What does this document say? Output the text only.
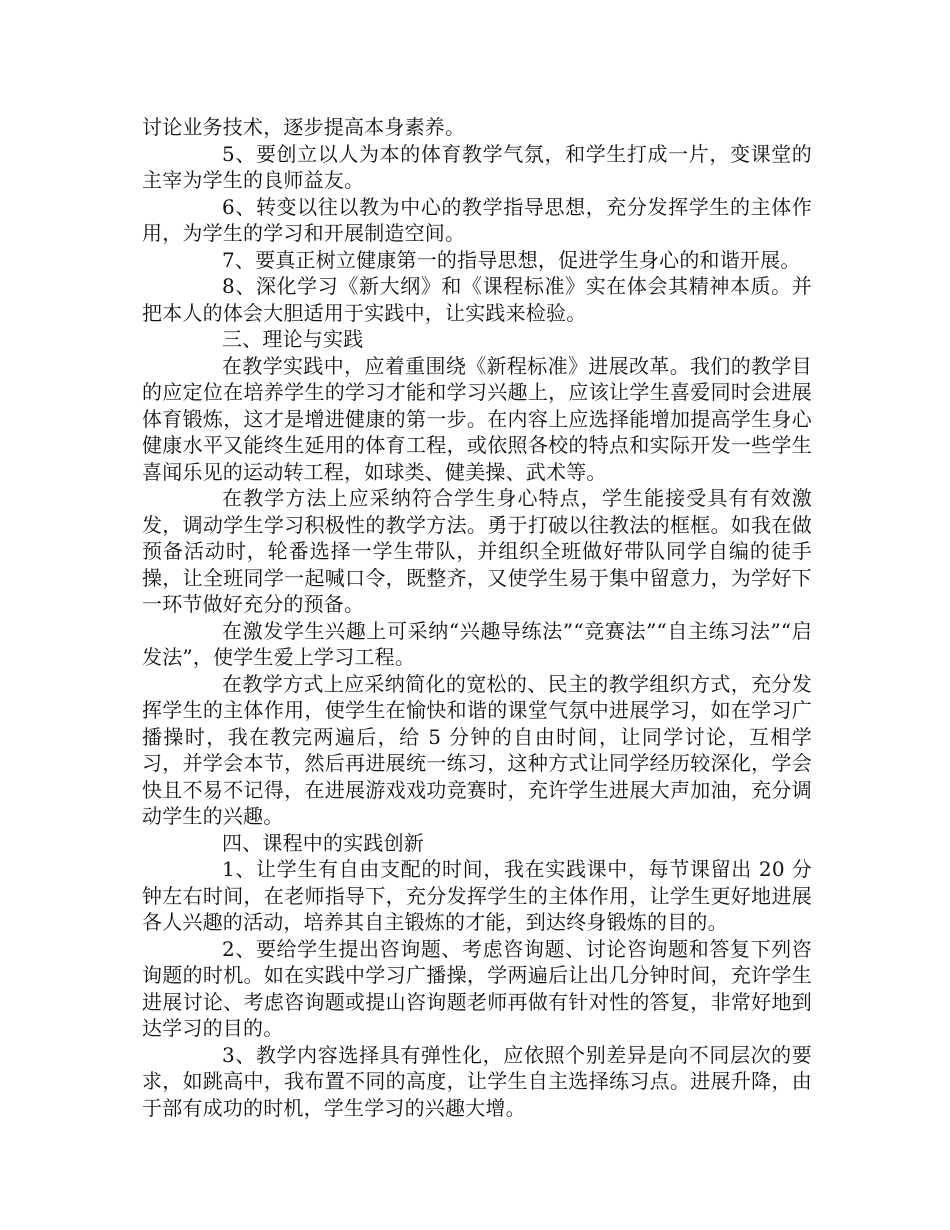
讨论业务技术，逐步提高本身素养。

5、要创立以人为本的体育教学气氛，和学生打成一片，变课堂的主宰为学生的良师益友。

6、转变以往以教为中心的教学指导思想，充分发挥学生的主体作用，为学生的学习和开展制造空间。

7、要真正树立健康第一的指导思想，促进学生身心的和谐开展。

8、深化学习《新大纲》和《课程标准》实在体会其精神本质。并把本人的体会大胆适用于实践中，让实践来检验。

三、理论与实践

在教学实践中，应着重围绕《新程标准》进展改革。我们的教学目的应定位在培养学生的学习才能和学习兴趣上，应该让学生喜爱同时会进展体育锻炼，这才是增进健康的第一步。在内容上应选择能增加提高学生身心健康水平又能终生延用的体育工程，或依照各校的特点和实际开发一些学生喜闻乐见的运动转工程，如球类、健美操、武术等。

在教学方法上应采纳符合学生身心特点，学生能接受具有有效激发，调动学生学习积极性的教学方法。勇于打破以往教法的框框。如我在做预备活动时，轮番选择一学生带队，并组织全班做好带队同学自编的徒手操，让全班同学一起喊口令，既整齐，又使学生易于集中留意力，为学好下一环节做好充分的预备。

在激发学生兴趣上可采纳“兴趣导练法”“竞赛法”“自主练习法”“启发法”，使学生爱上学习工程。

在教学方式上应采纳简化的宽松的、民主的教学组织方式，充分发挥学生的主体作用，使学生在愉快和谐的课堂气氛中进展学习，如在学习广播操时，我在教完两遍后，给 5 分钟的自由时间，让同学讨论，互相学习，并学会本节，然后再进展统一练习，这种方式让同学经历较深化，学会快且不易不记得，在进展游戏戏功竞赛时，充许学生进展大声加油，充分调动学生的兴趣。

四、课程中的实践创新

1、让学生有自由支配的时间，我在实践课中，每节课留出 20 分钟左右时间，在老师指导下，充分发挥学生的主体作用，让学生更好地进展各人兴趣的活动，培养其自主锻炼的才能，到达终身锻炼的目的。

2、要给学生提出咨询题、考虑咨询题、讨论咨询题和答复下列咨询题的时机。如在实践中学习广播操，学两遍后让出几分钟时间，充许学生进展讨论、考虑咨询题或提山咨询题老师再做有针对性的答复，非常好地到达学习的目的。

3、教学内容选择具有弹性化，应依照个别差异是向不同层次的要求，如跳高中，我布置不同的高度，让学生自主选择练习点。进展升降，由于部有成功的时机，学生学习的兴趣大增。
